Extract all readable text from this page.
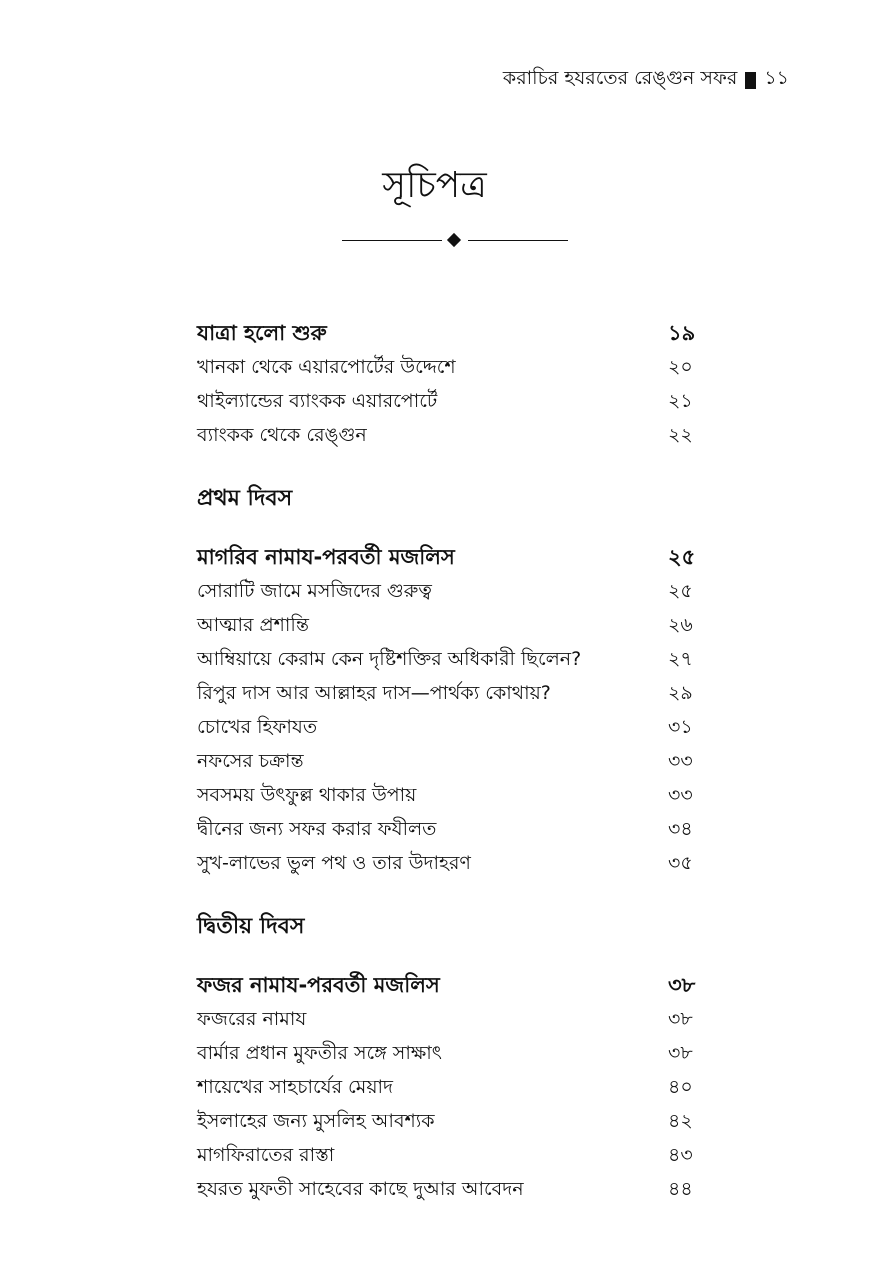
করাচির হযরতের রেঙ্গুন সফর ১১
সূচিপত্র
যাত্রা হলো শুরু	১৯
খানকা থেকে এয়ারপোর্টের উদ্দেশে	২০
থাইল্যান্ডের ব্যাংকক এয়ারপোর্টে	২১
ব্যাংকক থেকে রেঙ্গুন	২২
প্রথম দিবস
মাগরিব নামায-পরবর্তী মজলিস	২৫
সোরাটি জামে মসজিদের গুরুত্ব	২৫
আত্মার প্রশান্তি	২৬
আম্বিয়ায়ে কেরাম কেন দৃষ্টিশক্তির অধিকারী ছিলেন?	২৭
রিপুর দাস আর আল্লাহর দাস—পার্থক্য কোথায়?	২৯
চোখের হিফাযত	৩১
নফসের চক্রান্ত	৩৩
সবসময় উৎফুল্ল থাকার উপায়	৩৩
দ্বীনের জন্য সফর করার ফযীলত	৩৪
সুখ-লাভের ভুল পথ ও তার উদাহরণ	৩৫
দ্বিতীয় দিবস
ফজর নামায-পরবর্তী মজলিস	৩৮
ফজরের নামায	৩৮
বার্মার প্রধান মুফতীর সঙ্গে সাক্ষাৎ	৩৮
শায়েখের সাহচার্যের মেয়াদ	৪০
ইসলাহের জন্য মুসলিহ আবশ্যক	৪২
মাগফিরাতের রাস্তা	৪৩
হযরত মুফতী সাহেবের কাছে দুআর আবেদন	৪৪
